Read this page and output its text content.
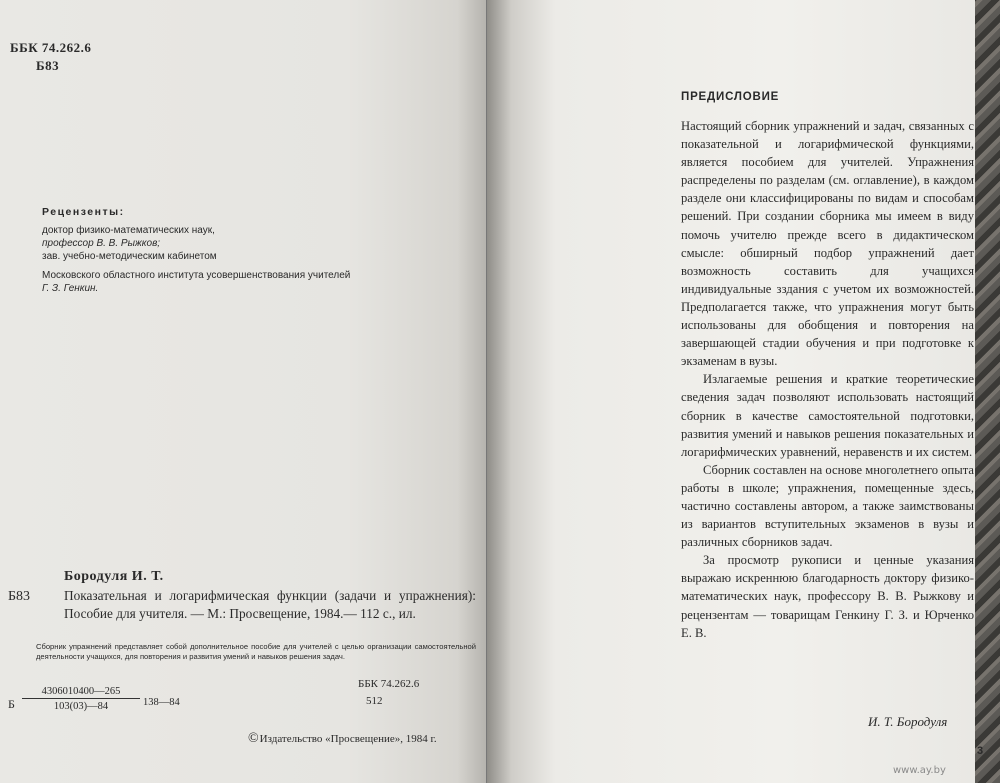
ББК 74.262.6
Б83
Рецензенты:
доктор физико-математических наук,
профессор В. В. Рыжков;
зав. учебно-методическим кабинетом
Московского областного института усовершенствования учителей
Г. З. Генкин.
Бородуля И. Т.
Б83	Показательная и логарифмическая функции (задачи и упражнения): Пособие для учителя. — М.: Просвещение, 1984.— 112 с., ил.
Сборник упражнений представляет собой дополнительное пособие для учителей с целью организации самостоятельной деятельности учащихся, для повторения и развития умений и навыков решения задач.
Б
4306010400—265
103(03)—84	138—84
ББК 74.262.6
512
©Издательство «Просвещение», 1984 г.
ПРЕДИСЛОВИЕ

Настоящий сборник упражнений и задач, связанных с показательной и логарифмической функциями, является пособием для учителей. Упражнения распределены по разделам (см. оглавление), в каждом разделе они классифицированы по видам и способам решений. При создании сборника мы имеем в виду помочь учителю прежде всего в дидактическом смысле: обширный подбор упражнений дает возможность составить для учащихся индивидуальные зздания с учетом их возможностей. Предполагается также, что упражнения могут быть использованы для обобщения и повторения на завершающей стадии обучения и при подготовке к экзаменам в вузы.

Излагаемые решения и краткие теоретические сведения задач позволяют использовать настоящий сборник в качестве самостоятельной подготовки, развития умений и навыков решения показательных и логарифмических уравнений, неравенств и их систем.

Сборник составлен на основе многолетнего опыта работы в школе; упражнения, помещенные здесь, частично составлены автором, а также заимствованы из вариантов вступительных экзаменов в вузы и различных сборников задач.

За просмотр рукописи и ценные указания выражаю искреннюю благодарность доктору физико-математических наук, профессору В. В. Рыжкову и рецензентам — товарищам Генкину Г. З. и Юрченко Е. В.

И. Т. Бородуля
3
www.ay.by
